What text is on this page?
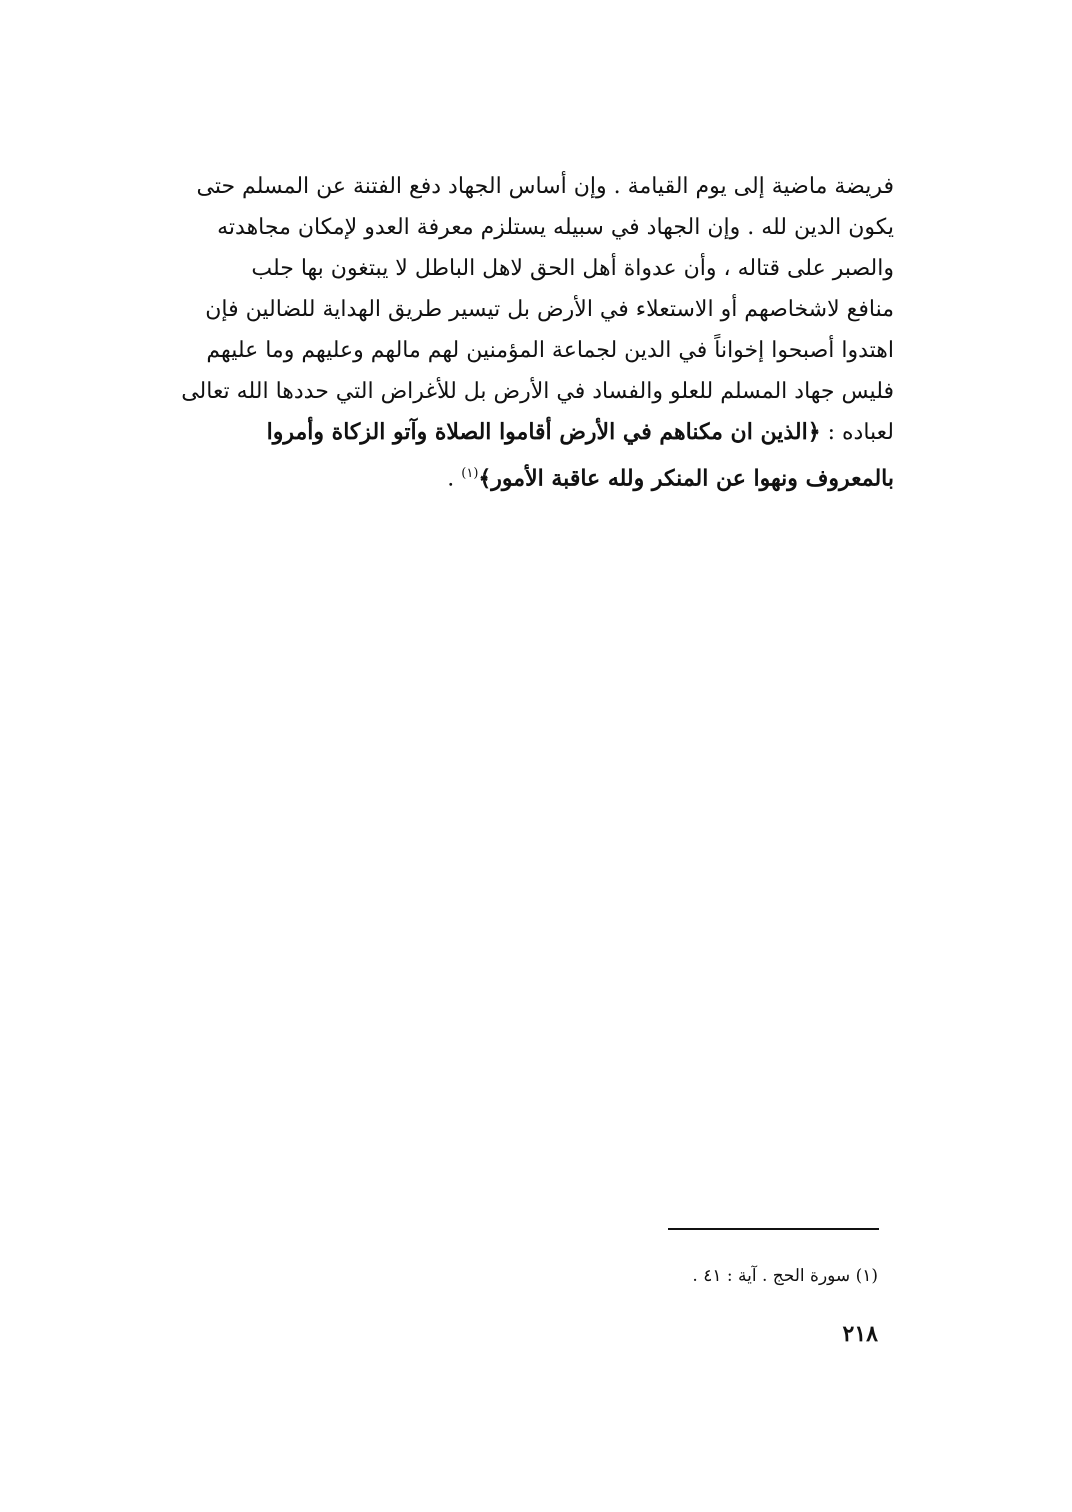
فريضة ماضية إلى يوم القيامة . وإن أساس الجهاد دفع الفتنة عن المسلم حتى
يكون الدين لله . وإن الجهاد في سبيله يستلزم معرفة العدو لإمكان مجاهدته
والصبر على قتاله ، وأن عدواة أهل الحق لاهل الباطل لا يبتغون بها جلب
منافع لاشخاصهم أو الاستعلاء في الأرض بل تيسير طريق الهداية للضالين فإن
اهتدوا أصبحوا إخواناً في الدين لجماعة المؤمنين لهم مالهم وعليهم وما عليهم
فليس جهاد المسلم للعلو والفساد في الأرض بل للأغراض التي حددها الله تعالى
لعباده : ﴿الذين ان مكناهم في الأرض أقاموا الصلاة وآتو الزكاة وأمروا
بالمعروف ونهوا عن المنكر ولله عاقبة الأمور﴾$^{(١)}$ .
(١) سورة الحج . آية : ٤١ .
٢١٨
